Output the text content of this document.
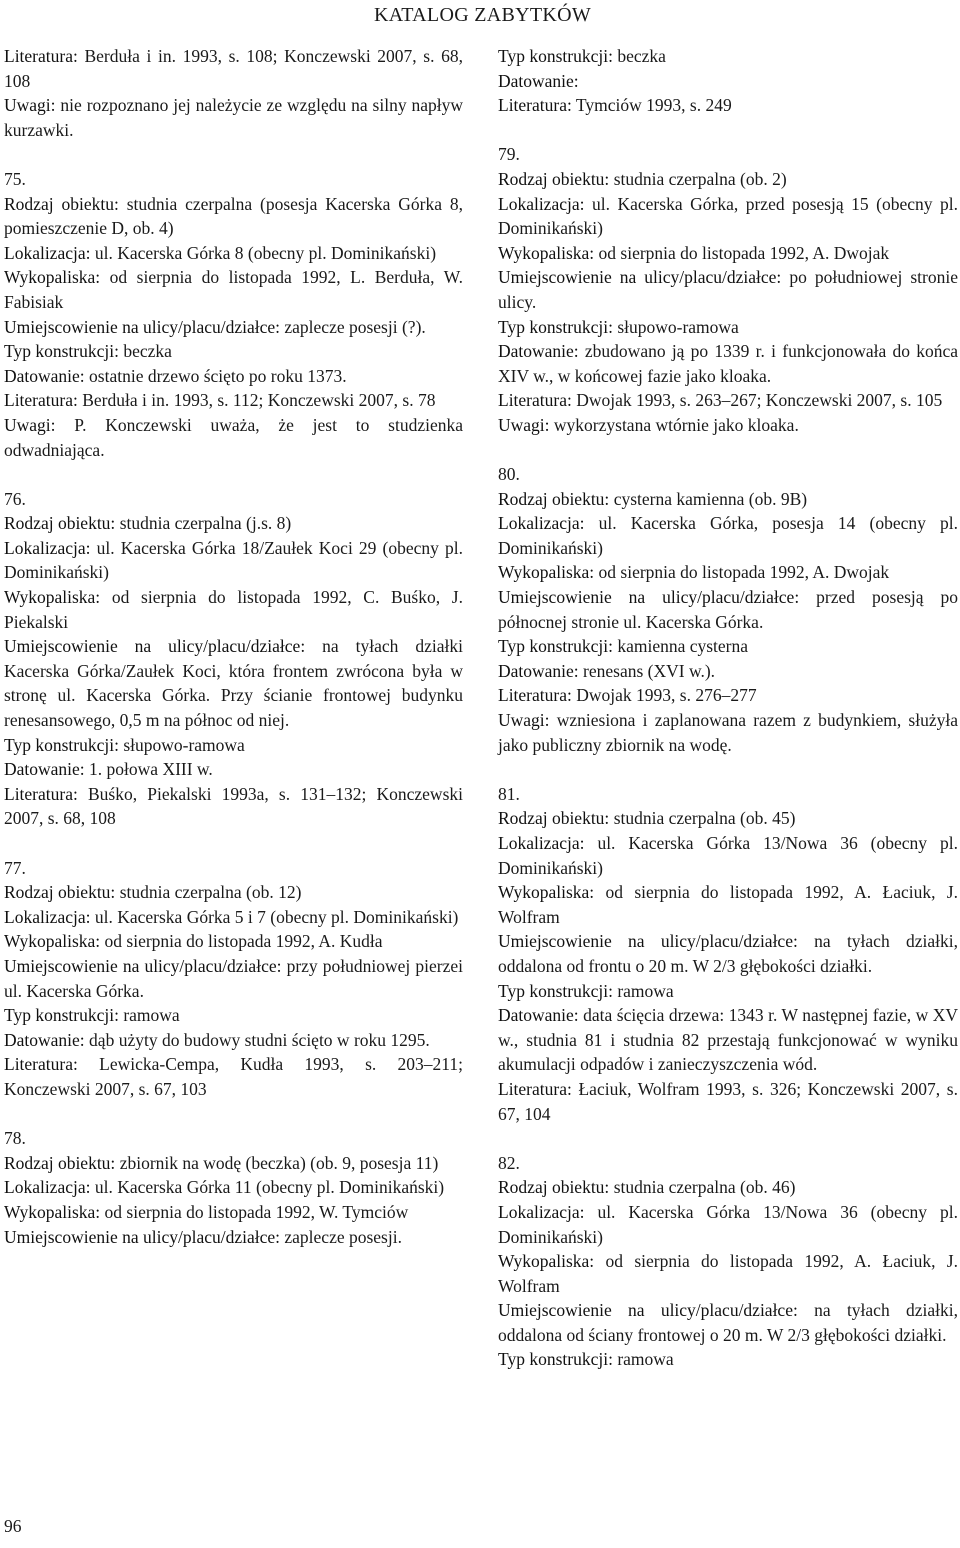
KATALOG ZABYTKÓW
Literatura: Berduła i in. 1993, s. 108; Konczewski 2007, s. 68, 108
Uwagi: nie rozpoznano jej należycie ze względu na silny napływ kurzawki.
75.
Rodzaj obiektu: studnia czerpalna (posesja Kacerska Górka 8, pomieszczenie D, ob. 4)
Lokalizacja: ul. Kacerska Górka 8 (obecny pl. Dominikański)
Wykopaliska: od sierpnia do listopada 1992, L. Berduła, W. Fabisiak
Umiejscowienie na ulicy/placu/działce: zaplecze posesji (?).
Typ konstrukcji: beczka
Datowanie: ostatnie drzewo ścięto po roku 1373.
Literatura: Berduła i in. 1993, s. 112; Konczewski 2007, s. 78
Uwagi: P. Konczewski uważa, że jest to studzienka odwadniająca.
76.
Rodzaj obiektu: studnia czerpalna (j.s. 8)
Lokalizacja: ul. Kacerska Górka 18/Zaułek Koci 29 (obecny pl. Dominikański)
Wykopaliska: od sierpnia do listopada 1992, C. Buśko, J. Piekalski
Umiejscowienie na ulicy/placu/działce: na tyłach działki Kacerska Górka/Zaułek Koci, która frontem zwrócona była w stronę ul. Kacerska Górka. Przy ścianie frontowej budynku renesansowego, 0,5 m na północ od niej.
Typ konstrukcji: słupowo-ramowa
Datowanie: 1. połowa XIII w.
Literatura: Buśko, Piekalski 1993a, s. 131–132; Konczewski 2007, s. 68, 108
77.
Rodzaj obiektu: studnia czerpalna (ob. 12)
Lokalizacja: ul. Kacerska Górka 5 i 7 (obecny pl. Dominikański)
Wykopaliska: od sierpnia do listopada 1992, A. Kudła
Umiejscowienie na ulicy/placu/działce: przy południowej pierzei ul. Kacerska Górka.
Typ konstrukcji: ramowa
Datowanie: dąb użyty do budowy studni ścięto w roku 1295.
Literatura: Lewicka-Cempa, Kudła 1993, s. 203–211; Konczewski 2007, s. 67, 103
78.
Rodzaj obiektu: zbiornik na wodę (beczka) (ob. 9, posesja 11)
Lokalizacja: ul. Kacerska Górka 11 (obecny pl. Dominikański)
Wykopaliska: od sierpnia do listopada 1992, W. Tymciów
Umiejscowienie na ulicy/placu/działce: zaplecze posesji.
Typ konstrukcji: beczka
Datowanie:
Literatura: Tymciów 1993, s. 249
79.
Rodzaj obiektu: studnia czerpalna (ob. 2)
Lokalizacja: ul. Kacerska Górka, przed posesją 15 (obecny pl. Dominikański)
Wykopaliska: od sierpnia do listopada 1992, A. Dwojak
Umiejscowienie na ulicy/placu/działce: po południowej stronie ulicy.
Typ konstrukcji: słupowo-ramowa
Datowanie: zbudowano ją po 1339 r. i funkcjonowała do końca XIV w., w końcowej fazie jako kloaka.
Literatura: Dwojak 1993, s. 263–267; Konczewski 2007, s. 105
Uwagi: wykorzystana wtórnie jako kloaka.
80.
Rodzaj obiektu: cysterna kamienna (ob. 9B)
Lokalizacja: ul. Kacerska Górka, posesja 14 (obecny pl. Dominikański)
Wykopaliska: od sierpnia do listopada 1992, A. Dwojak
Umiejscowienie na ulicy/placu/działce: przed posesją po północnej stronie ul. Kacerska Górka.
Typ konstrukcji: kamienna cysterna
Datowanie: renesans (XVI w.).
Literatura: Dwojak 1993, s. 276–277
Uwagi: wzniesiona i zaplanowana razem z budynkiem, służyła jako publiczny zbiornik na wodę.
81.
Rodzaj obiektu: studnia czerpalna (ob. 45)
Lokalizacja: ul. Kacerska Górka 13/Nowa 36 (obecny pl. Dominikański)
Wykopaliska: od sierpnia do listopada 1992, A. Łaciuk, J. Wolfram
Umiejscowienie na ulicy/placu/działce: na tyłach działki, oddalona od frontu o 20 m. W 2/3 głębokości działki.
Typ konstrukcji: ramowa
Datowanie: data ścięcia drzewa: 1343 r. W następnej fazie, w XV w., studnia 81 i studnia 82 przestają funkcjonować w wyniku akumulacji odpadów i zanieczyszczenia wód.
Literatura: Łaciuk, Wolfram 1993, s. 326; Konczewski 2007, s. 67, 104
82.
Rodzaj obiektu: studnia czerpalna (ob. 46)
Lokalizacja: ul. Kacerska Górka 13/Nowa 36 (obecny pl. Dominikański)
Wykopaliska: od sierpnia do listopada 1992, A. Łaciuk, J. Wolfram
Umiejscowienie na ulicy/placu/działce: na tyłach działki, oddalona od ściany frontowej o 20 m. W 2/3 głębokości działki.
Typ konstrukcji: ramowa
96
